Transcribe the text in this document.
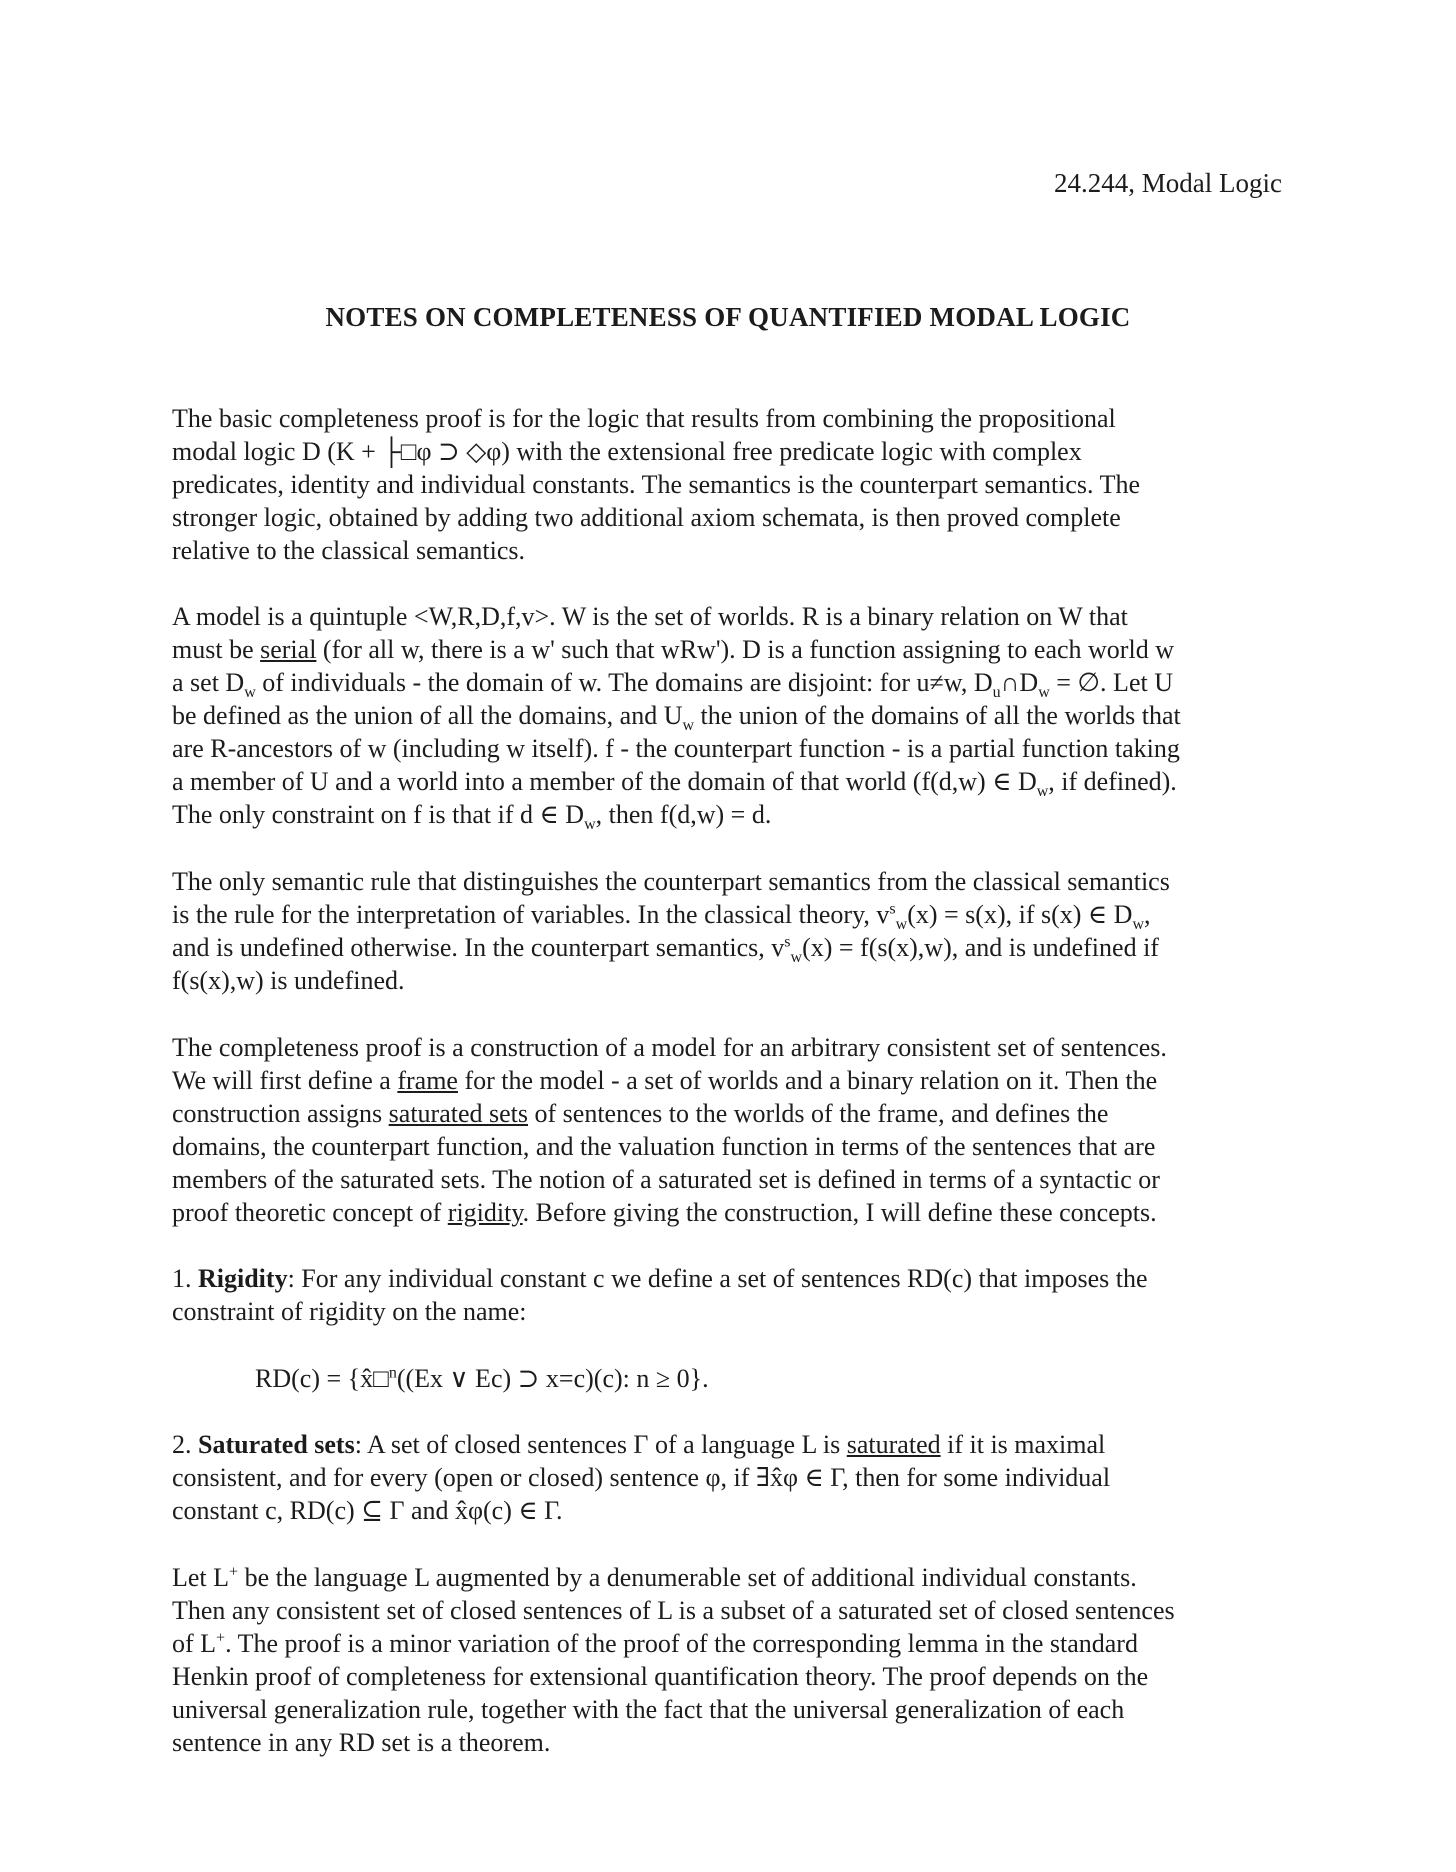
24.244, Modal Logic
NOTES ON COMPLETENESS OF QUANTIFIED MODAL LOGIC
The basic completeness proof is for the logic that results from combining the propositional
modal logic D (K + ├□φ ⊃ ◇φ) with the extensional free predicate logic with complex
predicates, identity and individual constants. The semantics is the counterpart semantics. The
stronger logic, obtained by adding two additional axiom schemata, is then proved complete
relative to the classical semantics.
A model is a quintuple <W,R,D,f,v>. W is the set of worlds. R is a binary relation on W that
must be serial (for all w, there is a w' such that wRw'). D is a function assigning to each world w
a set $D_w$ of individuals - the domain of w. The domains are disjoint: for u≠w, $D_u\cap D_w$ = ∅. Let U
be defined as the union of all the domains, and $U_w$ the union of the domains of all the worlds that
are R-ancestors of w (including w itself). f - the counterpart function - is a partial function taking
a member of U and a world into a member of the domain of that world (f(d,w) ∈ $D_w$, if defined).
The only constraint on f is that if d ∈ $D_w$, then f(d,w) = d.
The only semantic rule that distinguishes the counterpart semantics from the classical semantics
is the rule for the interpretation of variables. In the classical theory, $v^s_w(x) = s(x)$, if s(x) ∈ $D_w$,
and is undefined otherwise. In the counterpart semantics, $v^s_w(x) = f(s(x),w)$, and is undefined if
f(s(x),w) is undefined.
The completeness proof is a construction of a model for an arbitrary consistent set of sentences.
We will first define a frame for the model - a set of worlds and a binary relation on it. Then the
construction assigns saturated sets of sentences to the worlds of the frame, and defines the
domains, the counterpart function, and the valuation function in terms of the sentences that are
members of the saturated sets. The notion of a saturated set is defined in terms of a syntactic or
proof theoretic concept of rigidity. Before giving the construction, I will define these concepts.
1. Rigidity: For any individual constant c we define a set of sentences RD(c) that imposes the
constraint of rigidity on the name:
RD(c) = {x̂□$^n$((Ex ∨ Ec) ⊃ x=c)(c): n ≥ 0}.
2. Saturated sets: A set of closed sentences Γ of a language L is saturated if it is maximal
consistent, and for every (open or closed) sentence φ, if ∃x̂φ ∈ Γ, then for some individual
constant c, RD(c) ⊆ Γ and x̂φ(c) ∈ Γ.
Let L+ be the language L augmented by a denumerable set of additional individual constants.
Then any consistent set of closed sentences of L is a subset of a saturated set of closed sentences
of L+. The proof is a minor variation of the proof of the corresponding lemma in the standard
Henkin proof of completeness for extensional quantification theory. The proof depends on the
universal generalization rule, together with the fact that the universal generalization of each
sentence in any RD set is a theorem.
